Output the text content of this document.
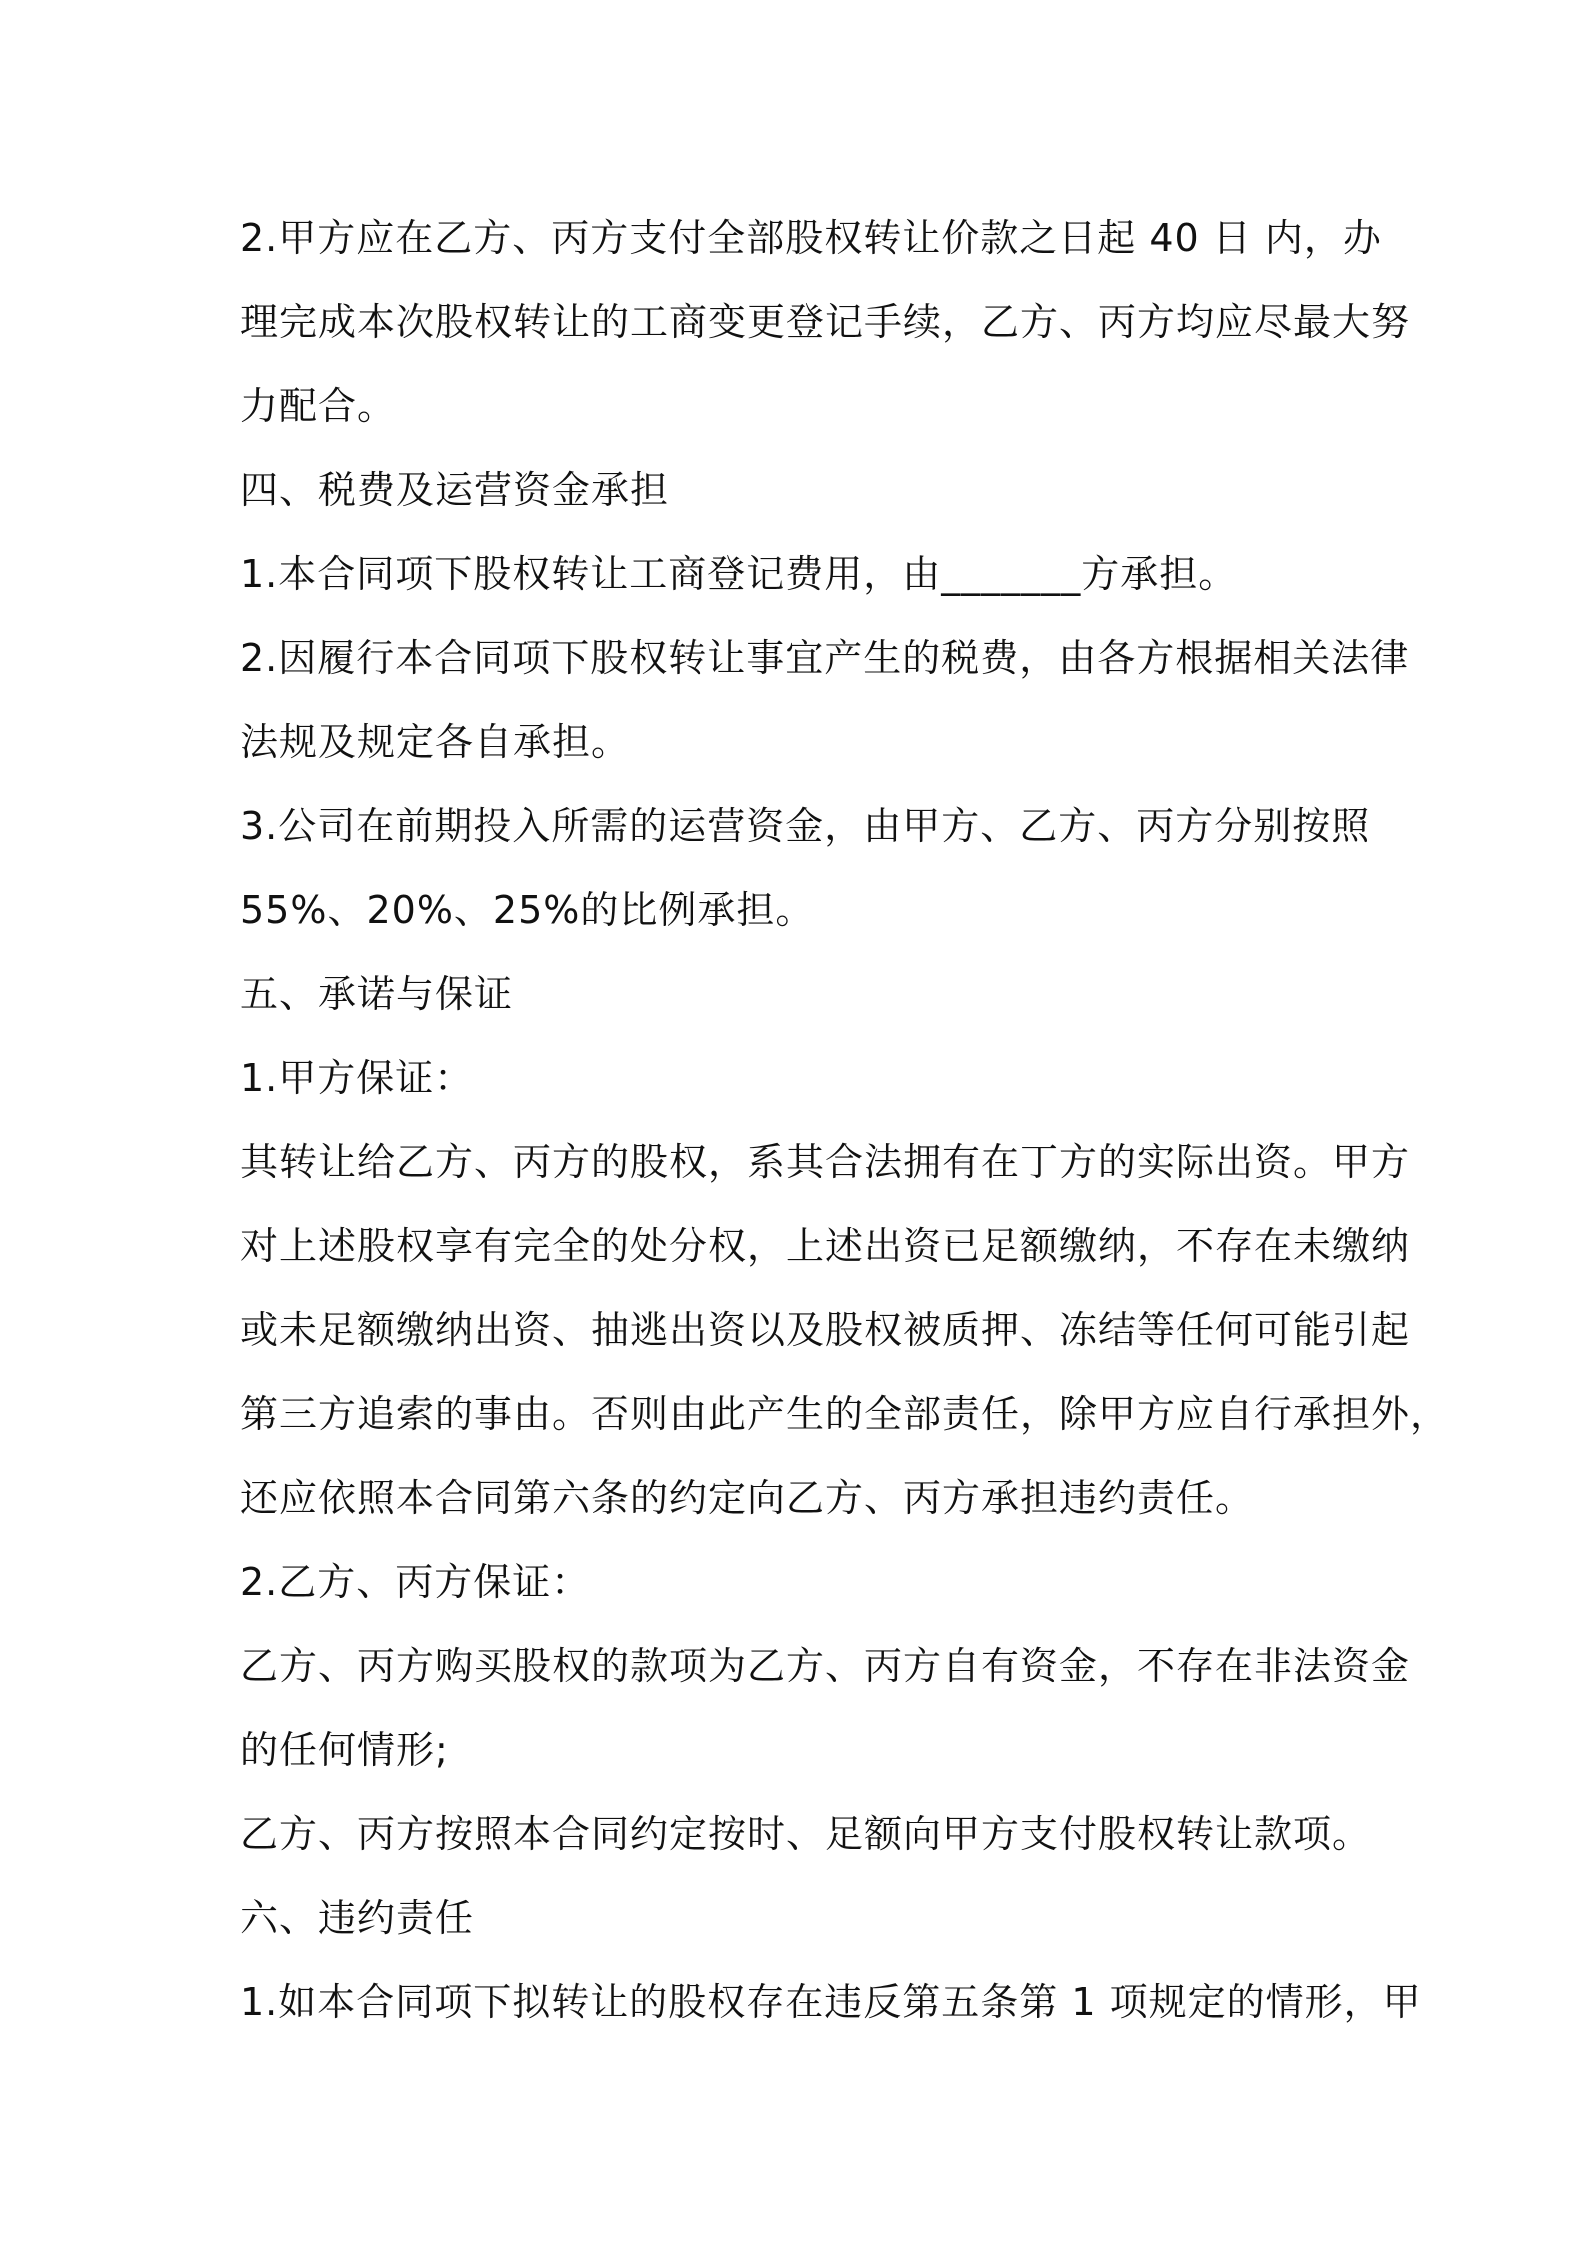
2.甲方应在乙方、丙方支付全部股权转让价款之日起 40 日 内，办
理完成本次股权转让的工商变更登记手续，乙方、丙方均应尽最大努
力配合。
四、税费及运营资金承担
1.本合同项下股权转让工商登记费用，由_______方承担。
2.因履行本合同项下股权转让事宜产生的税费，由各方根据相关法律
法规及规定各自承担。
3.公司在前期投入所需的运营资金，由甲方、乙方、丙方分别按照
55%、20%、25%的比例承担。
五、承诺与保证
1.甲方保证：
其转让给乙方、丙方的股权，系其合法拥有在丁方的实际出资。甲方
对上述股权享有完全的处分权，上述出资已足额缴纳，不存在未缴纳
或未足额缴纳出资、抽逃出资以及股权被质押、冻结等任何可能引起
第三方追索的事由。否则由此产生的全部责任，除甲方应自行承担外，
还应依照本合同第六条的约定向乙方、丙方承担违约责任。
2.乙方、丙方保证：
乙方、丙方购买股权的款项为乙方、丙方自有资金，不存在非法资金
的任何情形;
乙方、丙方按照本合同约定按时、足额向甲方支付股权转让款项。
六、违约责任
1.如本合同项下拟转让的股权存在违反第五条第 1 项规定的情形，甲
